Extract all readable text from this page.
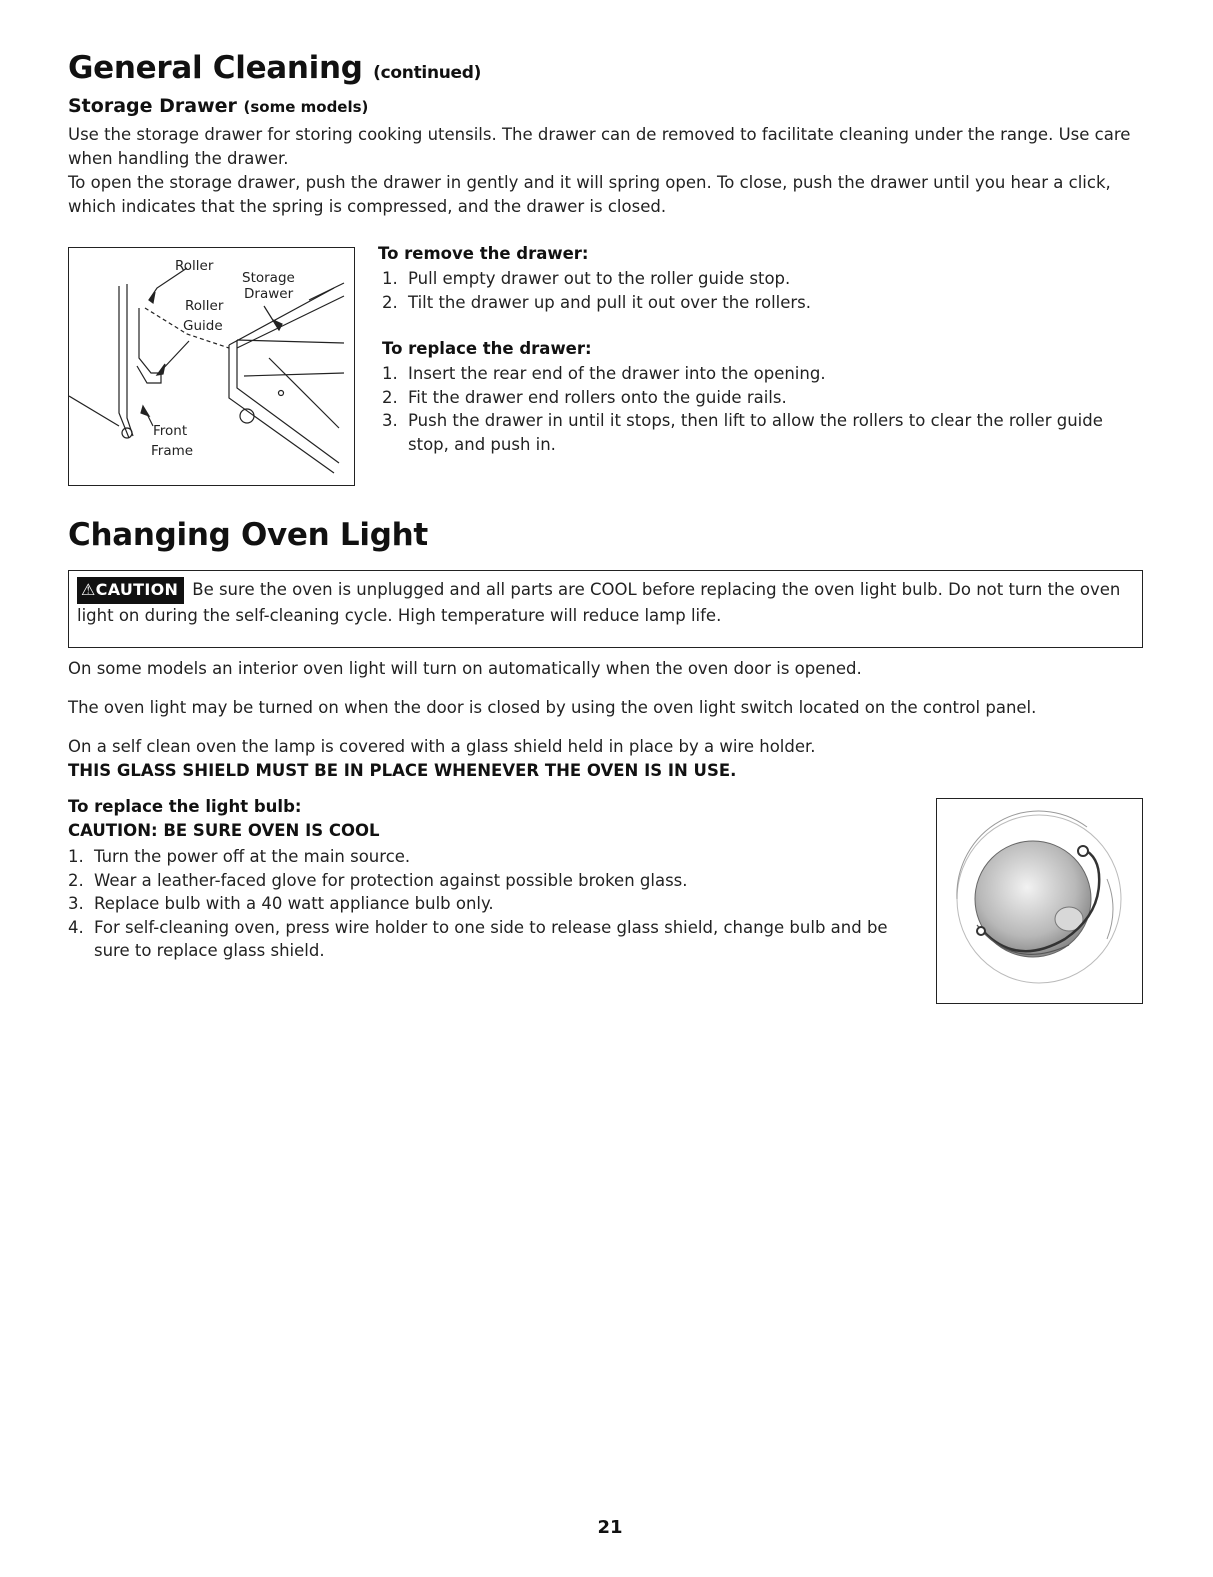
General Cleaning (continued)
Storage Drawer (some models)
Use the storage drawer for storing cooking utensils. The drawer can de removed to facilitate cleaning under the range. Use care when handling the drawer.
To open the storage drawer, push the drawer in gently and it will spring open. To close, push the drawer until you hear a click, which indicates that the spring is compressed, and the drawer is closed.
Roller
Storage
Drawer
Roller
Guide
Front
Frame
To remove the drawer:
1. Pull empty drawer out to the roller guide stop.
2. Tilt the drawer up and pull it out over the rollers.
To replace the drawer:
1. Insert the rear end of the drawer into the opening.
2. Fit the drawer end rollers onto the guide rails.
3. Push the drawer in until it stops, then lift to allow the rollers to clear the roller guide stop, and push in.
Changing Oven Light
⚠CAUTION Be sure the oven is unplugged and all parts are COOL before replacing the oven light bulb. Do not turn the oven light on during the self-cleaning cycle. High temperature will reduce lamp life.
On some models an interior oven light will turn on automatically when the oven door is opened.
The oven light may be turned on when the door is closed by using the oven light switch located on the control panel.
On a self clean oven the lamp is covered with a glass shield held in place by a wire holder.
THIS GLASS SHIELD MUST BE IN PLACE WHENEVER THE OVEN IS IN USE.
To replace the light bulb:
CAUTION: BE SURE OVEN IS COOL
1. Turn the power off at the main source.
2. Wear a leather-faced glove for protection against possible broken glass.
3. Replace bulb with a 40 watt appliance bulb only.
4. For self-cleaning oven, press wire holder to one side to release glass shield, change bulb and be sure to replace glass shield.
21
